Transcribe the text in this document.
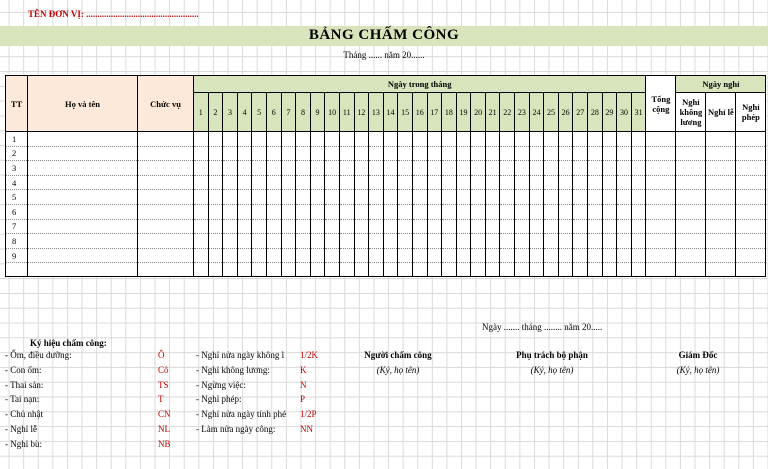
TÊN ĐƠN VỊ: ..................................................
BẢNG CHẤM CÔNG
Tháng ...... năm 20......
TT	Họ và tên	Chức vụ	Ngày trong tháng																															Tổng cộng	Ngày nghỉ		
			1	2	3	4	5	6	7	8	9	10	11	12	13	14	15	16	17	18	19	20	21	22	23	24	25	26	27	28	29	30	31		Nghỉ không lương	Nghỉ lễ	Nghỉ phép
1																																					
2																																					
3																																					
4																																					
5																																					
6																																					
7																																					
8																																					
9																																					

Ngày ....... tháng ........ năm 20.....
Ký hiệu chấm công:
- Ốm, điều dưỡng:	Ô
- Con ốm:	Cô
- Thai sản:	TS
- Tai nạn:	T
- Chủ nhật	CN
- Nghỉ lễ	NL
- Nghỉ bù:	NB
- Nghỉ nửa ngày không l	1/2K
- Nghỉ không lương:	K
- Ngừng việc:	N
- Nghỉ phép:	P
- Nghỉ nửa ngày tính phé	1/2P
- Làm nửa ngày công:	NN
Người chấm công
(Ký, họ tên)
Phụ trách bộ phận
(Ký, họ tên)
Giám Đốc
(Ký, họ tên)
